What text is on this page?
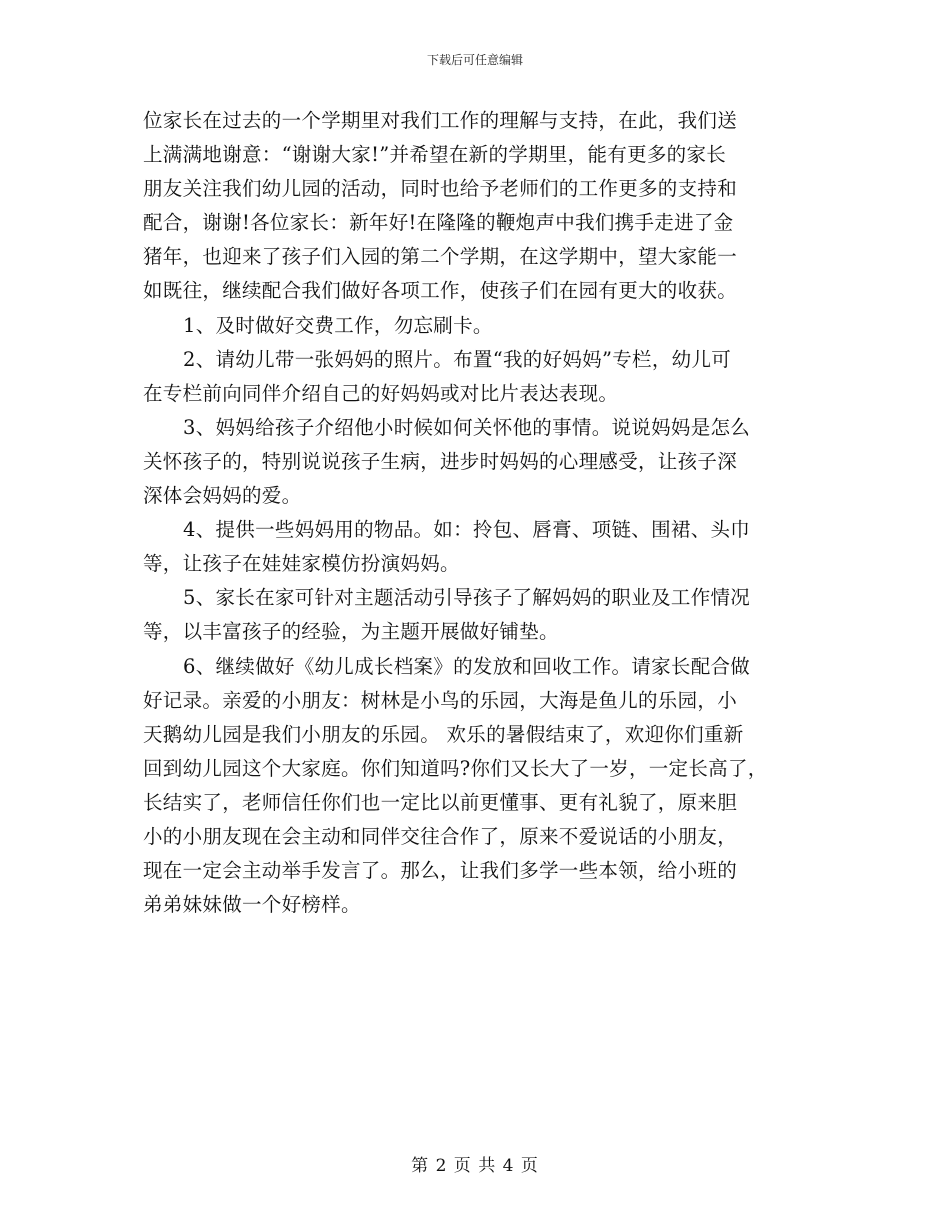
下载后可任意编辑
位家长在过去的一个学期里对我们工作的理解与支持，在此，我们送
上满满地谢意：“谢谢大家!”并希望在新的学期里，能有更多的家长
朋友关注我们幼儿园的活动，同时也给予老师们的工作更多的支持和
配合，谢谢!各位家长：新年好!在隆隆的鞭炮声中我们携手走进了金
猪年，也迎来了孩子们入园的第二个学期，在这学期中，望大家能一
如既往，继续配合我们做好各项工作，使孩子们在园有更大的收获。
1、及时做好交费工作，勿忘刷卡。
2、请幼儿带一张妈妈的照片。布置“我的好妈妈”专栏，幼儿可
在专栏前向同伴介绍自己的好妈妈或对比片表达表现。
3、妈妈给孩子介绍他小时候如何关怀他的事情。说说妈妈是怎么
关怀孩子的，特别说说孩子生病，进步时妈妈的心理感受，让孩子深
深体会妈妈的爱。
4、提供一些妈妈用的物品。如：拎包、唇膏、项链、围裙、头巾
等，让孩子在娃娃家模仿扮演妈妈。
5、家长在家可针对主题活动引导孩子了解妈妈的职业及工作情况
等，以丰富孩子的经验，为主题开展做好铺垫。
6、继续做好《幼儿成长档案》的发放和回收工作。请家长配合做
好记录。亲爱的小朋友：树林是小鸟的乐园，大海是鱼儿的乐园，小
天鹅幼儿园是我们小朋友的乐园。 欢乐的暑假结束了，欢迎你们重新
回到幼儿园这个大家庭。你们知道吗?你们又长大了一岁，一定长高了，
长结实了，老师信任你们也一定比以前更懂事、更有礼貌了，原来胆
小的小朋友现在会主动和同伴交往合作了，原来不爱说话的小朋友，
现在一定会主动举手发言了。那么，让我们多学一些本领，给小班的
弟弟妹妹做一个好榜样。
第 2 页 共 4 页
